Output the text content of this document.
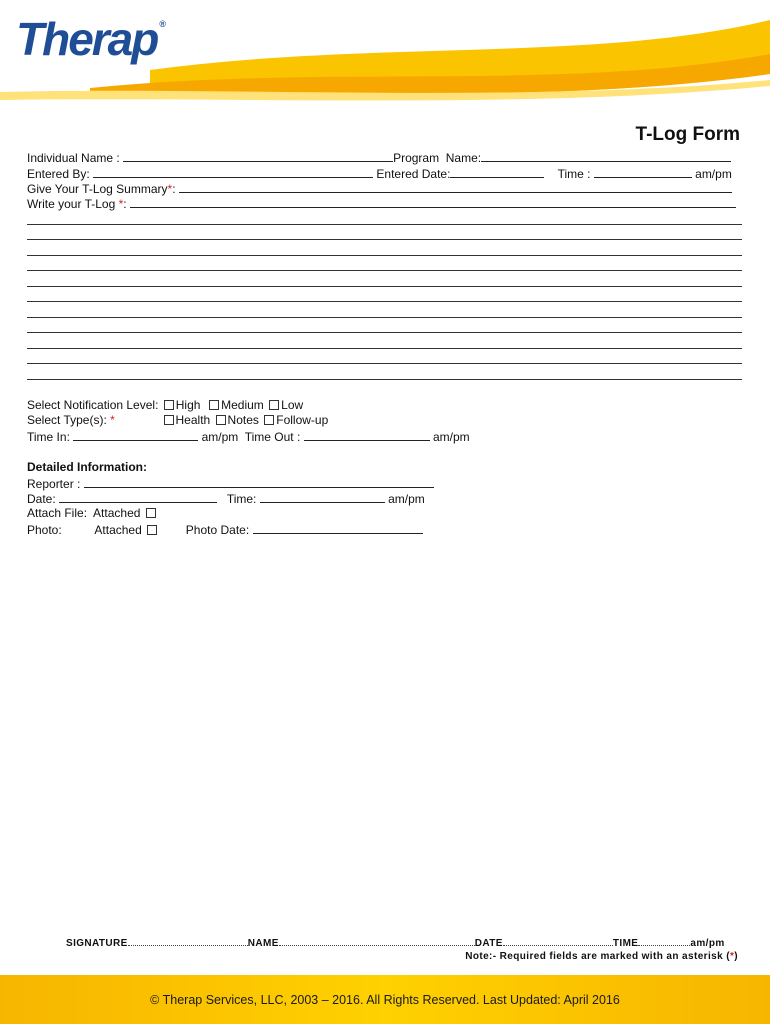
Therap ®
T-Log Form
Individual Name :	Program  Name:
Entered By:	Entered Date:	Time :	am/pm
Give Your T-Log Summary*:
Write your T-Log *:
Select Notification Level: High Medium Low
Select Type(s): *	Health Notes Follow-up
Time In:	am/pm Time Out :	am/pm
Detailed Information:
Reporter :
Date:	Time:	am/pm
Attach File: Attached
Photo:	Attached	Photo Date:
SIGNATURE	NAME	DATE	TIME	am/pm
Note:- Required fields are marked with an asterisk (*)
© Therap Services, LLC, 2003 – 2016. All Rights Reserved. Last Updated: April 2016
